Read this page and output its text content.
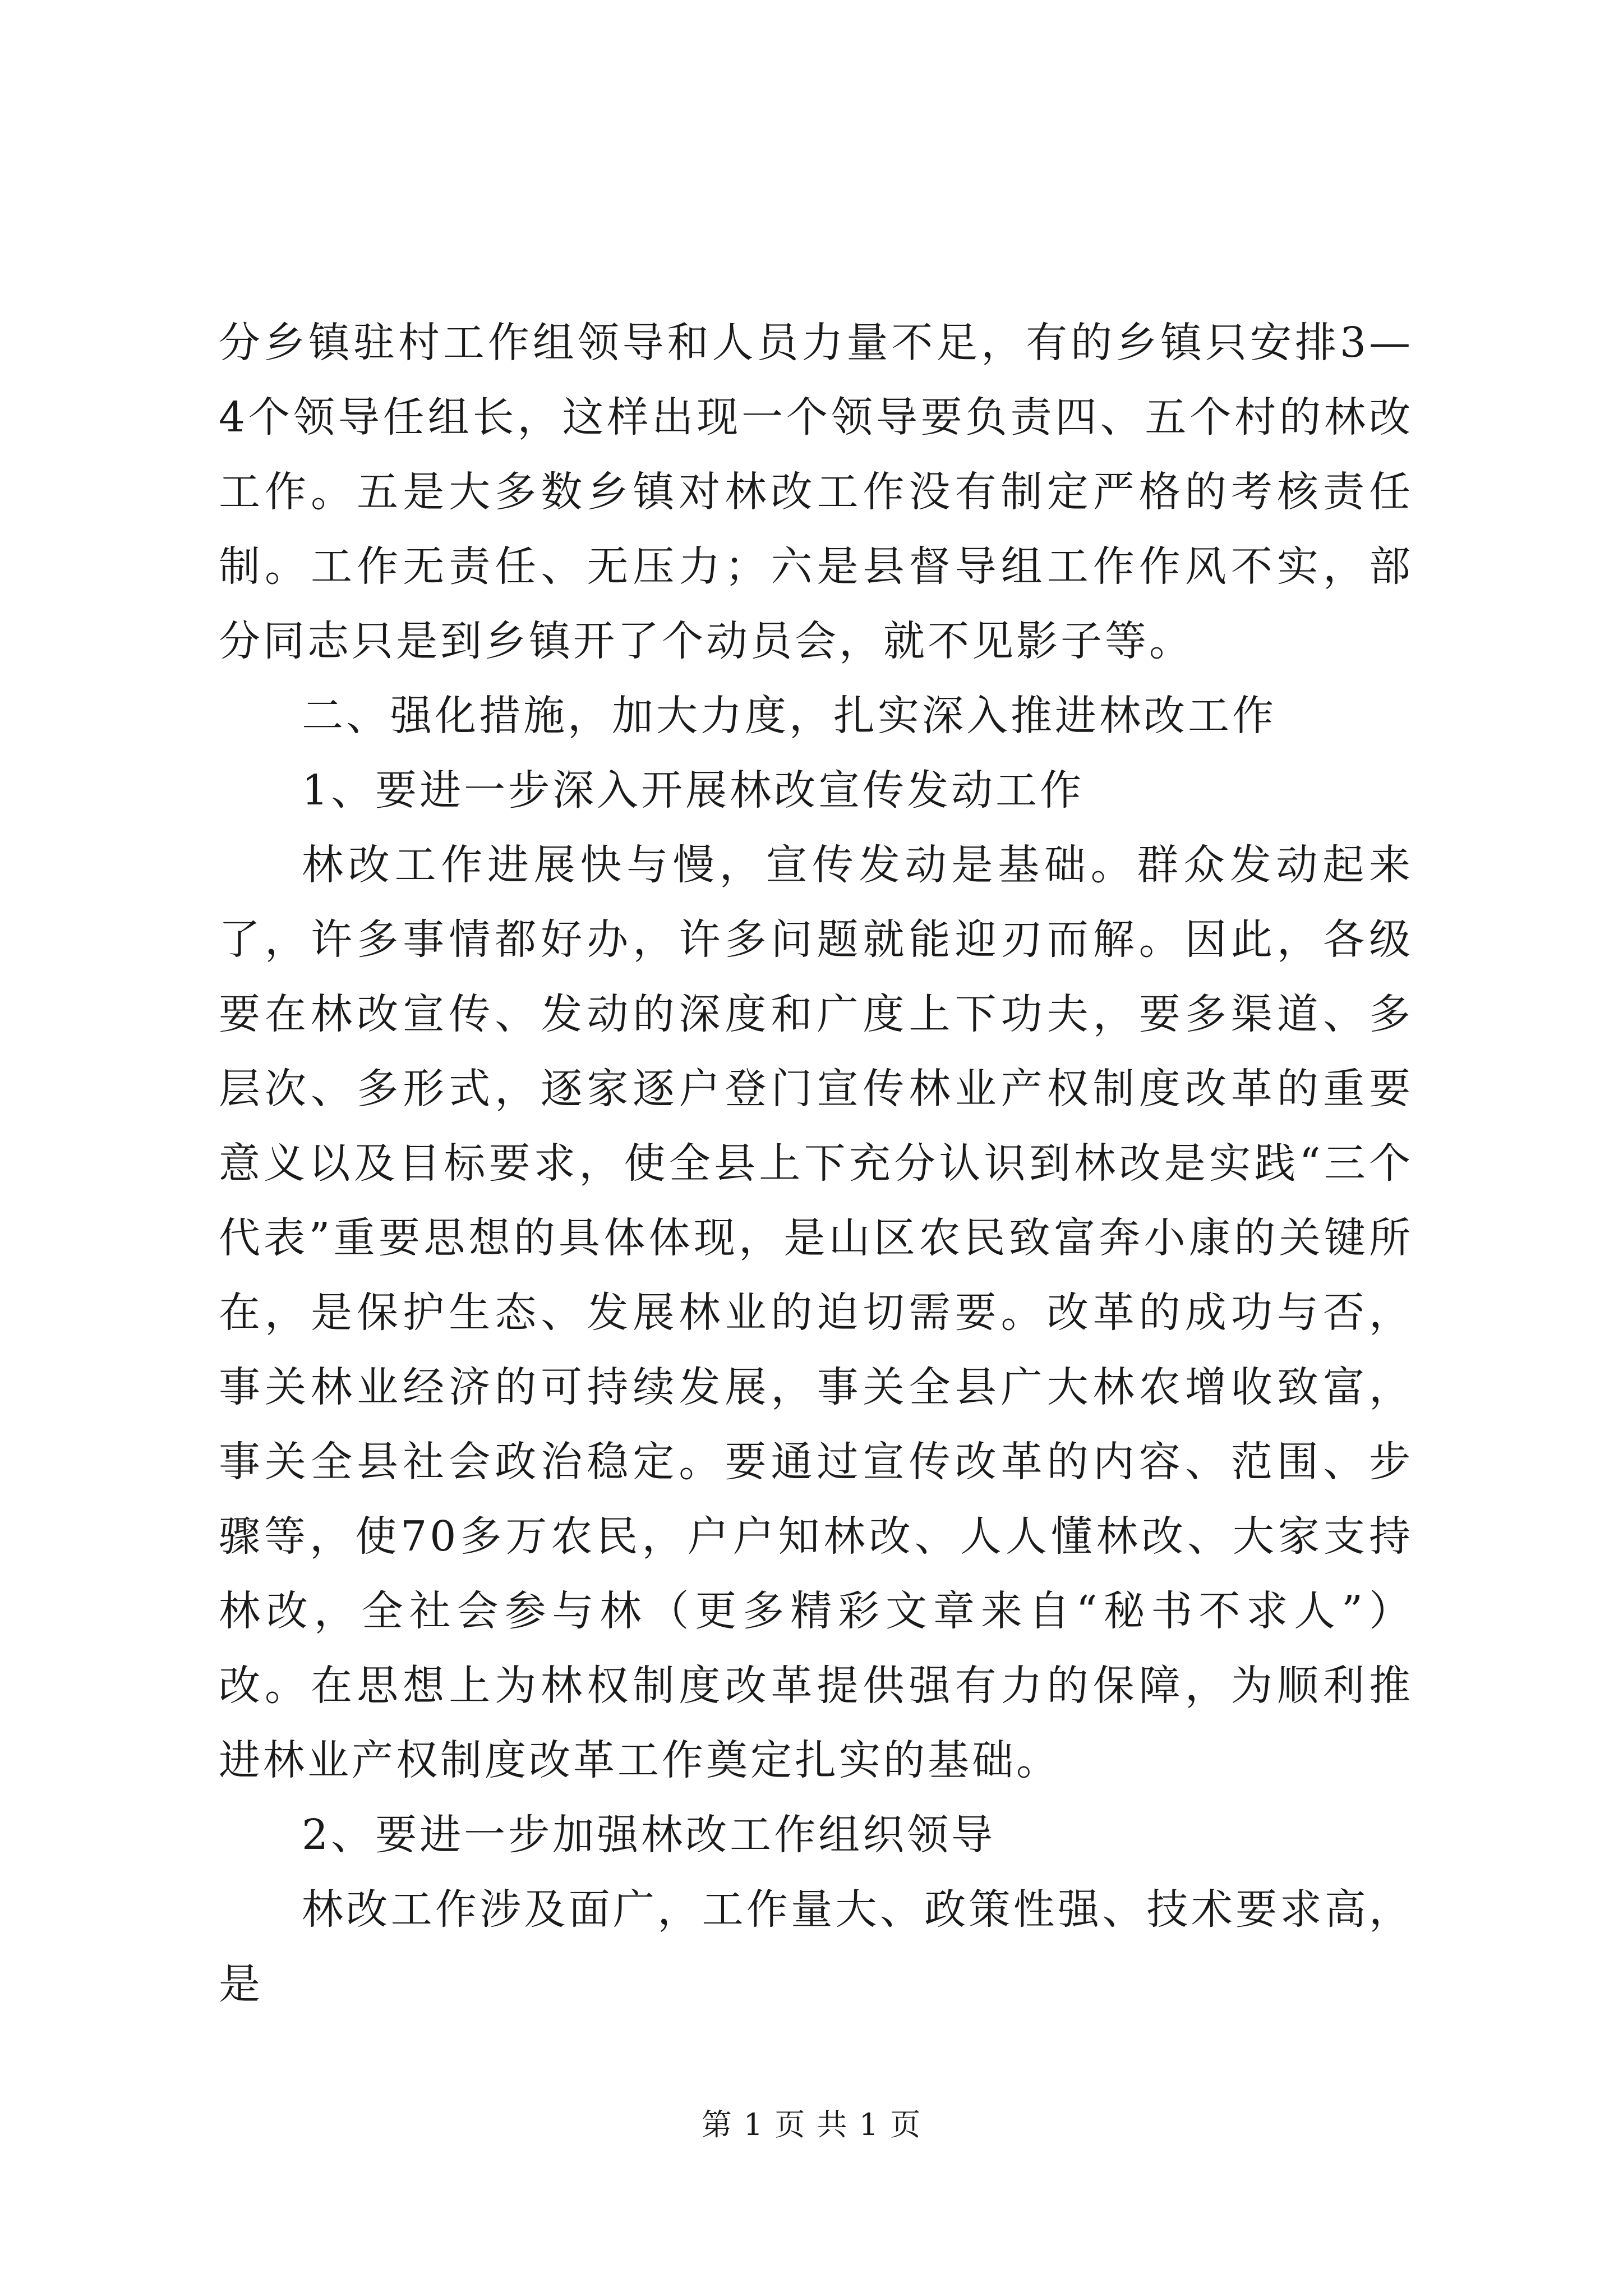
分乡镇驻村工作组领导和人员力量不足，有的乡镇只安排3—4个领导任组长，这样出现一个领导要负责四、五个村的林改工作。五是大多数乡镇对林改工作没有制定严格的考核责任制。工作无责任、无压力；六是县督导组工作作风不实，部分同志只是到乡镇开了个动员会，就不见影子等。

二、强化措施，加大力度，扎实深入推进林改工作

1、要进一步深入开展林改宣传发动工作

林改工作进展快与慢，宣传发动是基础。群众发动起来了，许多事情都好办，许多问题就能迎刃而解。因此，各级要在林改宣传、发动的深度和广度上下功夫，要多渠道、多层次、多形式，逐家逐户登门宣传林业产权制度改革的重要意义以及目标要求，使全县上下充分认识到林改是实践“三个代表”重要思想的具体体现，是山区农民致富奔小康的关键所在，是保护生态、发展林业的迫切需要。改革的成功与否，事关林业经济的可持续发展，事关全县广大林农增收致富，事关全县社会政治稳定。要通过宣传改革的内容、范围、步骤等，使70多万农民，户户知林改、人人懂林改、大家支持林改，全社会参与林（更多精彩文章来自“秘书不求人”）改。在思想上为林权制度改革提供强有力的保障，为顺利推进林业产权制度改革工作奠定扎实的基础。

2、要进一步加强林改工作组织领导

林改工作涉及面广，工作量大、政策性强、技术要求高，是

第 1 页 共 1 页
